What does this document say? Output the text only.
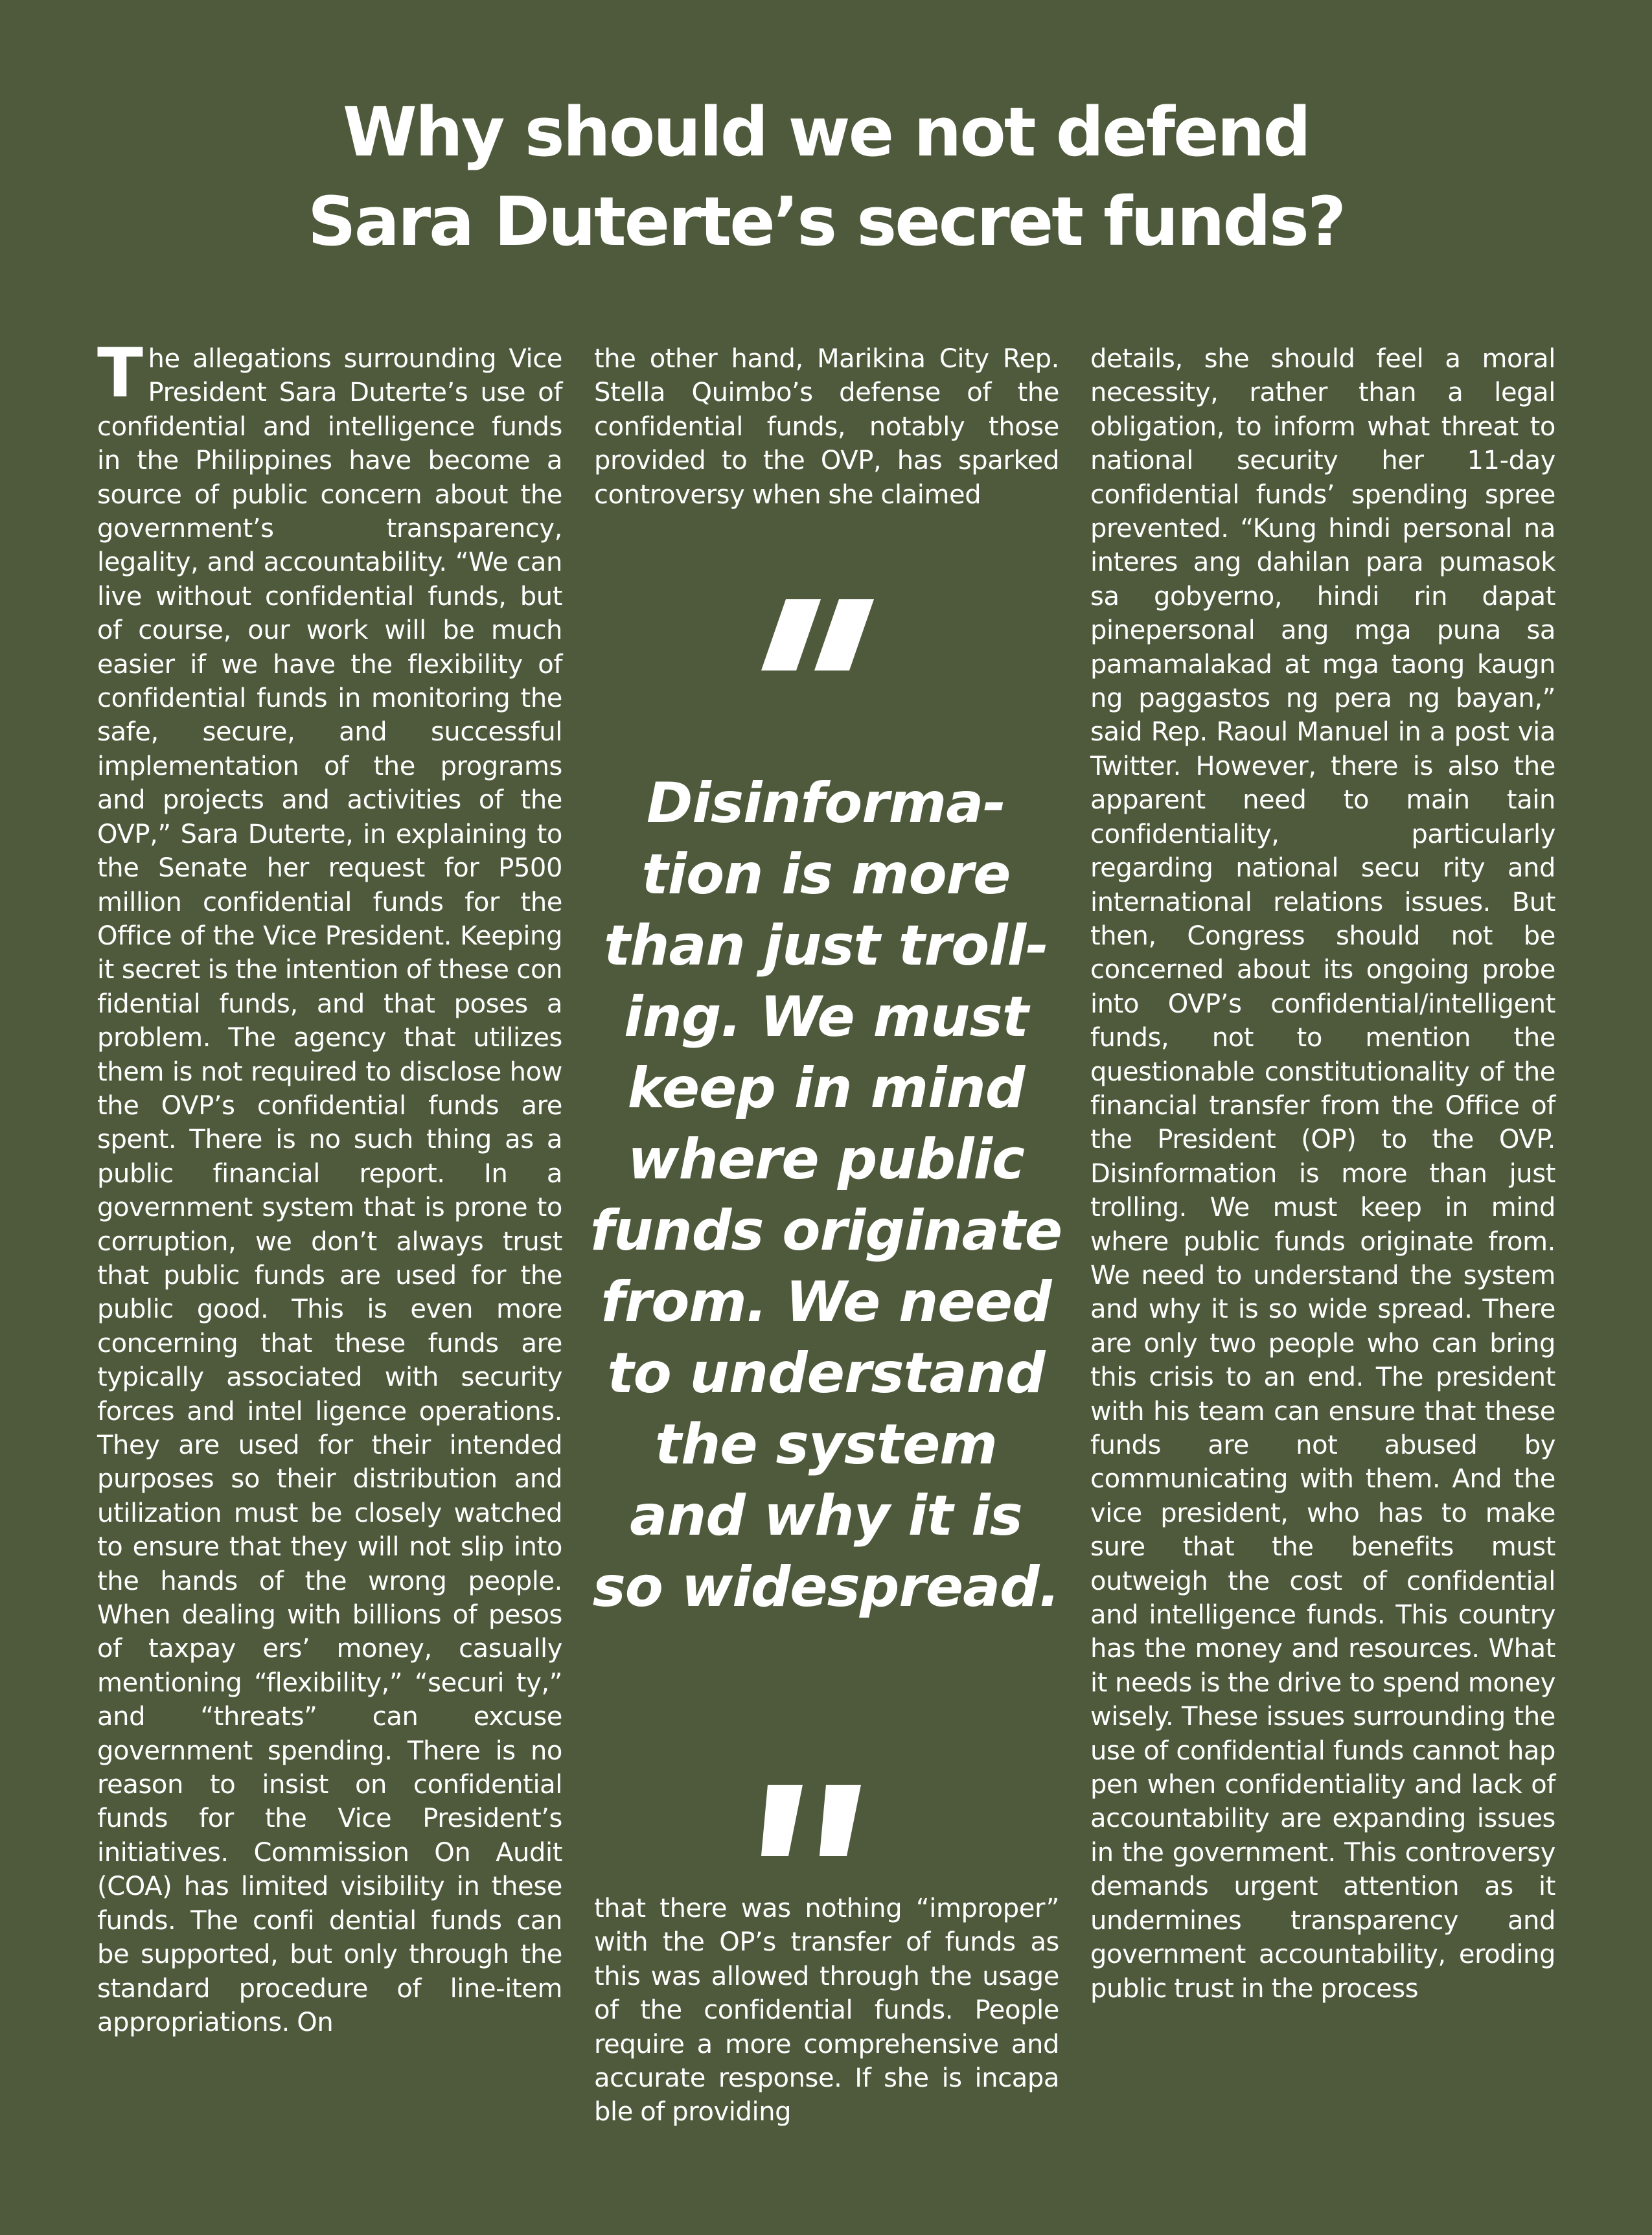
Why should we not defend
Sara Duterte’s secret funds?

The allegations surrounding Vice President Sara Duterte’s use of confidential and intelligence funds in the Philippines have become a source of public concern about the government’s transparency, legality, and accountability. “We can live without confidential funds, but of course, our work will be much easier if we have the flexibility of confidential funds in monitoring the safe, secure, and successful implementation of the programs and projects and activities of the OVP,” Sara Duterte, in explaining to the Senate her request for P500 million confidential funds for the Office of the Vice President. Keeping it secret is the intention of these con fidential funds, and that poses a problem. The agency that utilizes them is not required to disclose how the OVP’s confidential funds are spent. There is no such thing as a public financial report. In a government system that is prone to corruption, we don’t always trust that public funds are used for the public good. This is even more concerning that these funds are typically associated with security forces and intel ligence operations. They are used for their intended purposes so their distribution and utilization must be closely watched to ensure that they will not slip into the hands of the wrong people. When dealing with billions of pesos of taxpay ers’ money, casually mentioning “flexibility,” “securi ty,” and “threats” can excuse government spending. There is no reason to insist on confidential funds for the Vice President’s initiatives. Commission On Audit (COA) has limited visibility in these funds. The confi dential funds can be supported, but only through the standard procedure of line-item appropriations. On

the other hand, Marikina City Rep. Stella Quimbo’s defense of the confidential funds, notably those provided to the OVP, has sparked controversy when she claimed

Disinforma-
tion is more
than just troll-
ing. We must
keep in mind
where public
funds originate
from. We need
to understand
the system
and why it is
so widespread.

that there was nothing “improper” with the OP’s transfer of funds as this was allowed through the usage of the confidential funds. People require a more comprehensive and accurate response. If she is incapa ble of providing

details, she should feel a moral necessity, rather than a legal obligation, to inform what threat to national security her 11-day confidential funds’ spending spree prevented. “Kung hindi personal na interes ang dahilan para pumasok sa gobyerno, hindi rin dapat pinepersonal ang mga puna sa pamamalakad at mga taong kaugn ng paggastos ng pera ng bayan,” said Rep. Raoul Manuel in a post via Twitter. However, there is also the apparent need to main tain confidentiality, particularly regarding national secu rity and international relations issues. But then, Congress should not be concerned about its ongoing probe into OVP’s confidential/intelligent funds, not to mention the questionable constitutionality of the financial transfer from the Office of the President (OP) to the OVP. Disinformation is more than just trolling. We must keep in mind where public funds originate from. We need to understand the system and why it is so wide spread. There are only two people who can bring this crisis to an end. The president with his team can ensure that these funds are not abused by communicating with them. And the vice president, who has to make sure that the benefits must outweigh the cost of confidential and intelligence funds. This country has the money and resources. What it needs is the drive to spend money wisely. These issues surrounding the use of confidential funds cannot hap pen when confidentiality and lack of accountability are expanding issues in the government. This controversy demands urgent attention as it undermines transparency and government accountability, eroding public trust in the process
